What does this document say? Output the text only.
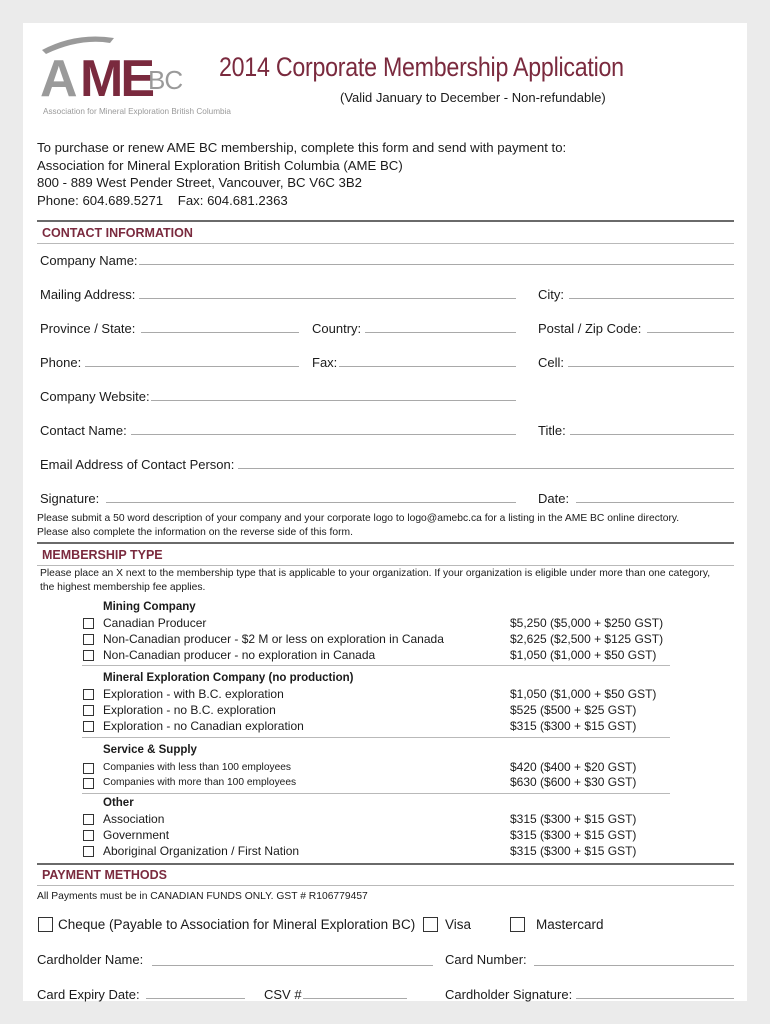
A ME
BC
Association for Mineral Exploration British Columbia
2014 Corporate Membership Application
(Valid January to December - Non-refundable)
To purchase or renew AME BC membership, complete this form and send with payment to:
Association for Mineral Exploration British Columbia (AME BC)
800 - 889 West Pender Street, Vancouver, BC V6C 3B2
Phone: 604.689.5271    Fax: 604.681.2363
CONTACT INFORMATION
Company Name:
Mailing Address:	City:
Province / State:	Country:	Postal / Zip Code:
Phone:	Fax:	Cell:
Company Website:
Contact Name:	Title:
Email Address of Contact Person:
Signature:	Date:
Please submit a 50 word description of your company and your corporate logo to logo@amebc.ca for a listing in the AME BC online directory.
Please also complete the information on the reverse side of this form.
MEMBERSHIP TYPE
Please place an X next to the membership type that is applicable to your organization. If your organization is eligible under more than one category,
the highest membership fee applies.
Mining Company
Canadian Producer	$5,250 ($5,000 + $250 GST)
Non-Canadian producer - $2 M or less on exploration in Canada	$2,625 ($2,500 + $125 GST)
Non-Canadian producer - no exploration in Canada	$1,050 ($1,000 + $50 GST)
Mineral Exploration Company (no production)
Exploration - with B.C. exploration	$1,050 ($1,000 + $50 GST)
Exploration - no B.C. exploration	$525 ($500 + $25 GST)
Exploration - no Canadian exploration	$315 ($300 + $15 GST)
Service & Supply
Companies with less than 100 employees	$420 ($400 + $20 GST)
Companies with more than 100 employees	$630 ($600 + $30 GST)
Other
Association	$315 ($300 + $15 GST)
Government	$315 ($300 + $15 GST)
Aboriginal Organization / First Nation	$315 ($300 + $15 GST)
PAYMENT METHODS
All Payments must be in CANADIAN FUNDS ONLY. GST # R106779457
Cheque (Payable to Association for Mineral Exploration BC) Visa	Mastercard
Cardholder Name:	Card Number:
Card Expiry Date:	CSV #	Cardholder Signature:
